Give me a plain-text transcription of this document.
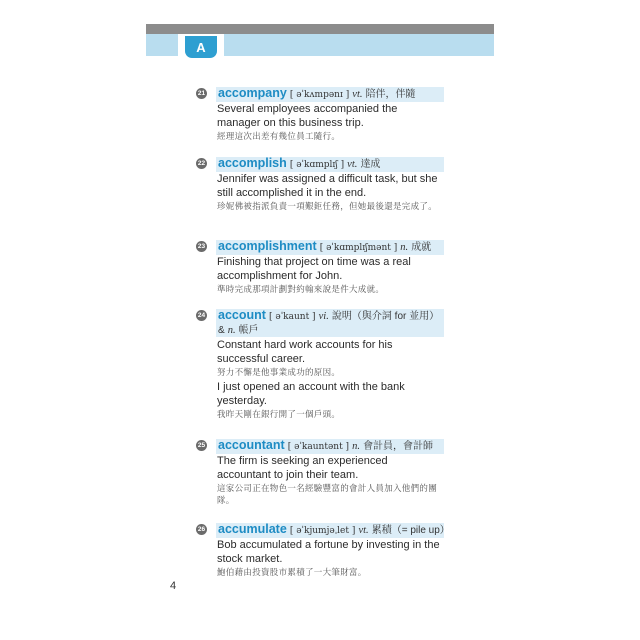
A
21 accompany [ əˈkʌmpənɪ ] vt. 陪伴，伴隨

Several employees accompanied the manager on this business trip.

經理這次出差有幾位員工隨行。

22 accomplish [ əˈkɑmplɪʃ ] vt. 達成

Jennifer was assigned a difficult task, but she still accomplished it in the end.

珍妮佛被指派負責一項艱鉅任務，但她最後還是完成了。

23 accomplishment [ əˈkɑmplɪʃmənt ] n. 成就

Finishing that project on time was a real accomplishment for John.

準時完成那項計劃對約翰來說是件大成就。

24 account [ əˈkaunt ] vi. 說明（與介詞 for 並用）
& n. 帳戶

Constant hard work accounts for his successful career.

努力不懈是他事業成功的原因。

I just opened an account with the bank yesterday.

我昨天剛在銀行開了一個戶頭。

25 accountant [ əˈkauntənt ] n. 會計員，會計師

The firm is seeking an experienced accountant to join their team.

這家公司正在物色一名經驗豐富的會計人員加入他們的團隊。

26 accumulate [ əˈkjumjəˌlet ] vt. 累積（= pile up）

Bob accumulated a fortune by investing in the stock market.

鮑伯藉由投資股市累積了一大筆財富。

4
